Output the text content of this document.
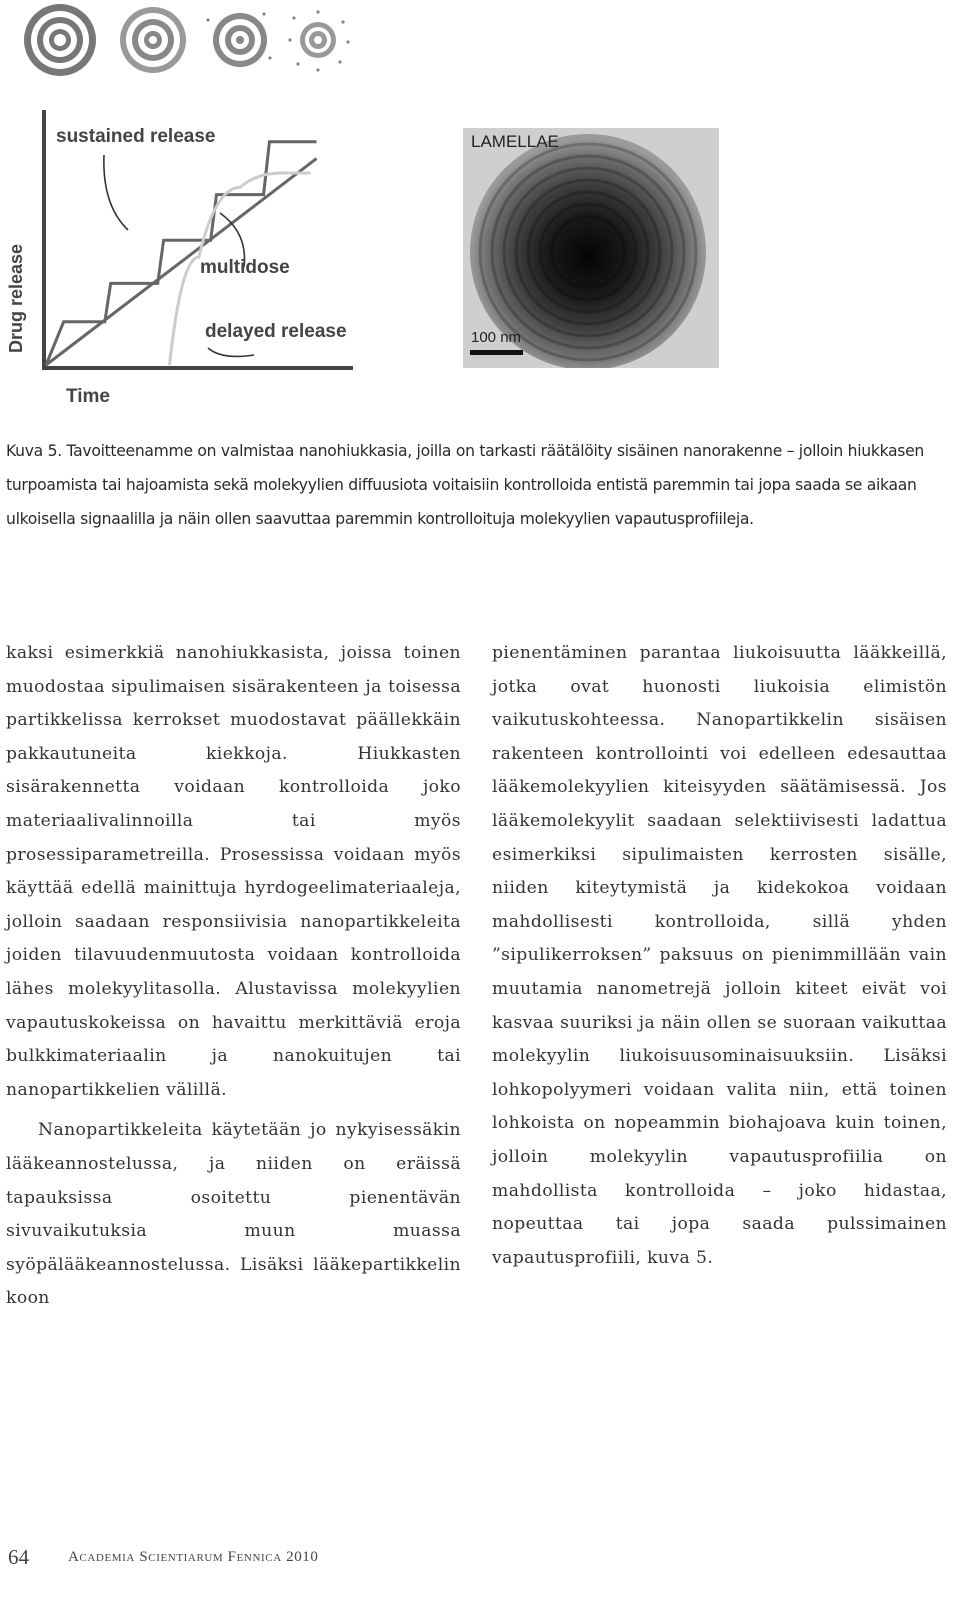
Drug release
Time
sustained release
multidose
delayed release
LAMELLAE
100 nm
Kuva 5. Tavoitteenamme on valmistaa nanohiukkasia, joilla on tarkasti räätälöity sisäinen nanorakenne – jolloin hiukkasen turpoamista tai hajoamista sekä molekyylien diffuusiota voitaisiin kontrolloida entistä paremmin tai jopa saada se aikaan ulkoisella signaalilla ja näin ollen saavuttaa paremmin kontrolloituja molekyylien vapautusprofiileja.

kaksi esimerkkiä nanohiukkasista, joissa toinen muodostaa sipulimaisen sisärakenteen ja toisessa partikkelissa kerrokset muodostavat päällekkäin pakkautuneita kiekkoja. Hiukkasten sisärakennetta voidaan kontrolloida joko materiaalivalinnoilla tai myös prosessiparametreilla. Prosessissa voidaan myös käyttää edellä mainittuja hyrdogeelimateriaaleja, jolloin saadaan responsiivisia nanopartikkeleita joiden tilavuudenmuutosta voidaan kontrolloida lähes molekyylitasolla. Alustavissa molekyylien vapautuskokeissa on havaittu merkittäviä eroja bulkkimateriaalin ja nanokuitujen tai nanopartikkelien välillä.

Nanopartikkeleita käytetään jo nykyisessäkin lääkeannostelussa, ja niiden on eräissä tapauksissa osoitettu pienentävän sivuvaikutuksia muun muassa syöpälääkeannostelussa. Lisäksi lääkepartikkelin koon

pienentäminen parantaa liukoisuutta lääkkeillä, jotka ovat huonosti liukoisia elimistön vaikutuskohteessa. Nanopartikkelin sisäisen rakenteen kontrollointi voi edelleen edesauttaa lääkemolekyylien kiteisyyden säätämisessä. Jos lääkemolekyylit saadaan selektiivisesti ladattua esimerkiksi sipulimaisten kerrosten sisälle, niiden kiteytymistä ja kidekokoa voidaan mahdollisesti kontrolloida, sillä yhden ”sipulikerroksen” paksuus on pienimmillään vain muutamia nanometrejä jolloin kiteet eivät voi kasvaa suuriksi ja näin ollen se suoraan vaikuttaa molekyylin liukoisuusominaisuuksiin. Lisäksi lohkopolyymeri voidaan valita niin, että toinen lohkoista on nopeammin biohajoava kuin toinen, jolloin molekyylin vapautusprofiilia on mahdollista kontrolloida – joko hidastaa, nopeuttaa tai jopa saada pulssimainen vapautusprofiili, kuva 5.

64	Academia Scientiarum Fennica 2010
